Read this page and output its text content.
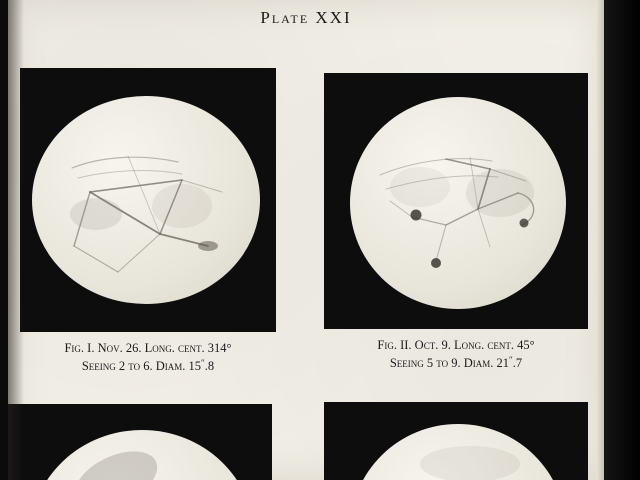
Plate XXI
Fig. I. Nov. 26. Long. cent. 314°
Seeing 2 to 6. Diam. 15″.8
Fig. II. Oct. 9. Long. cent. 45°
Seeing 5 to 9. Diam. 21″.7
